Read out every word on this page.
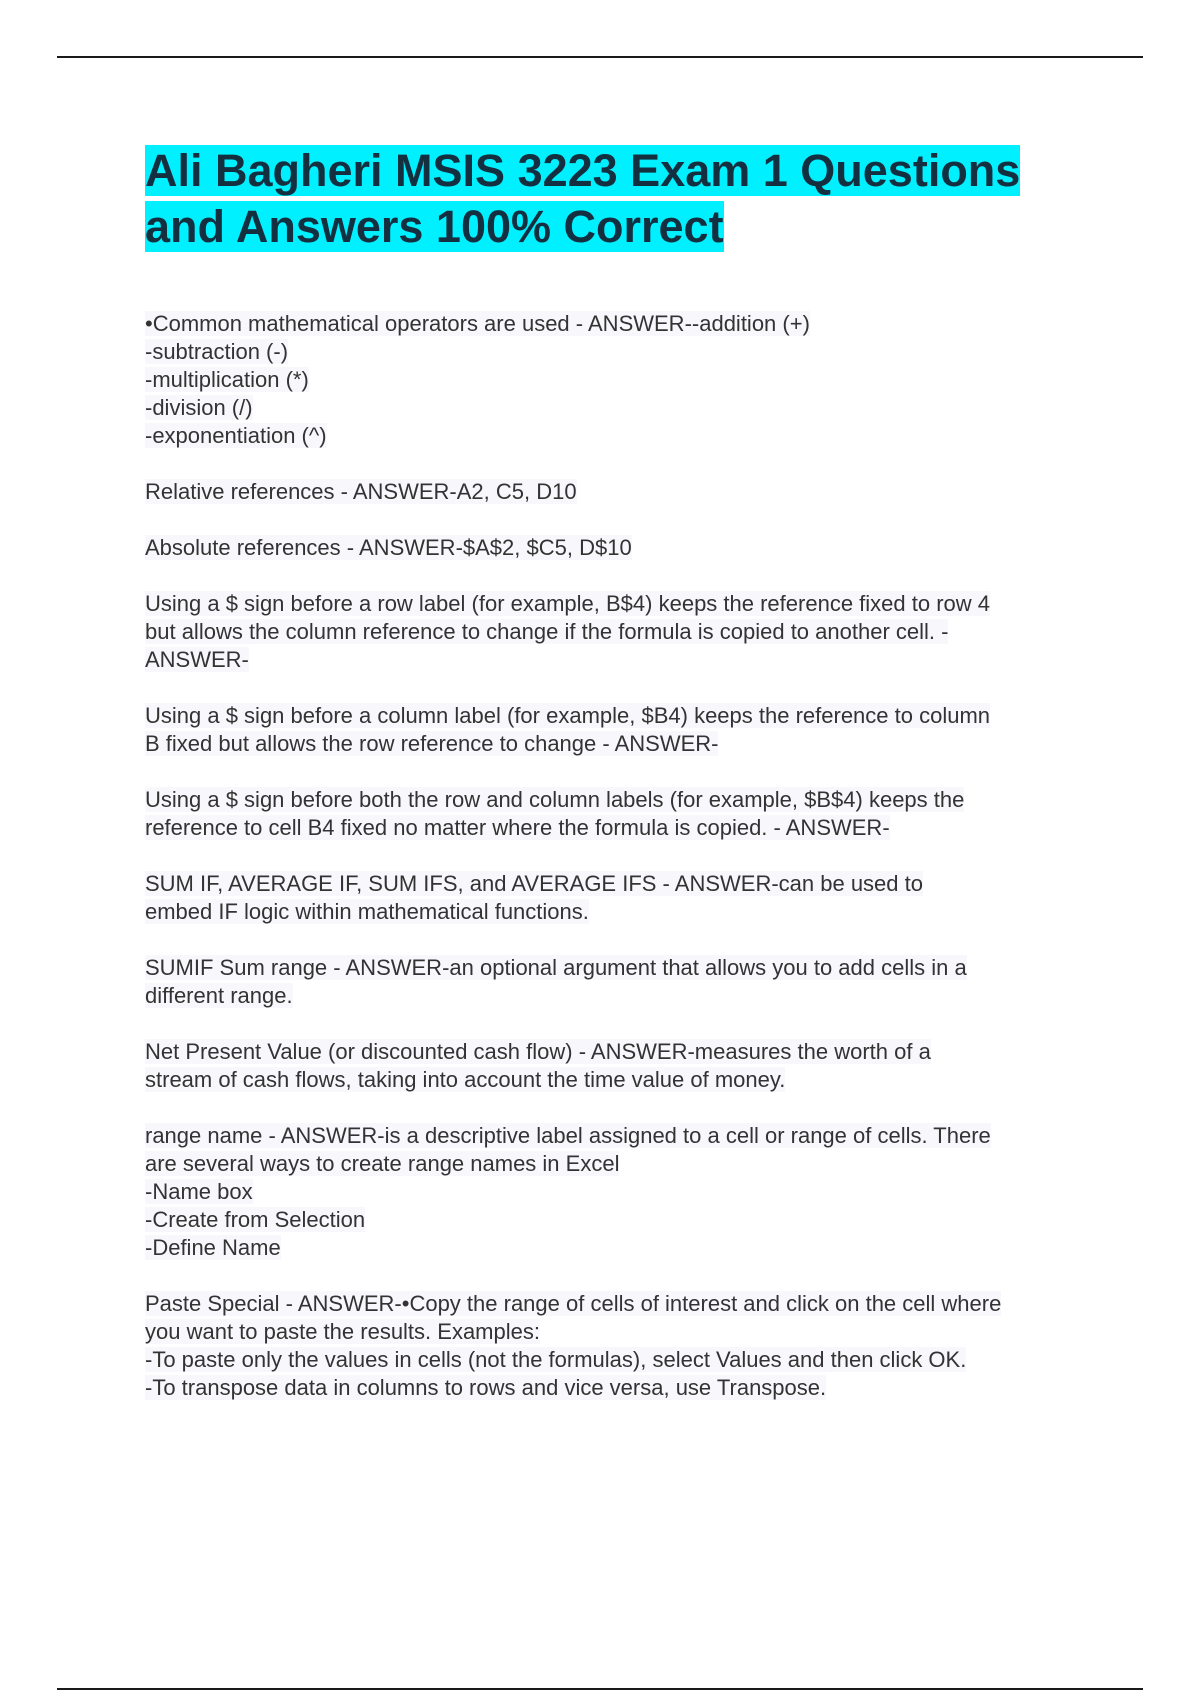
Ali Bagheri MSIS 3223 Exam 1 Questions and Answers 100% Correct

•Common mathematical operators are used - ANSWER--addition (+)
-subtraction (-)
-multiplication (*)
-division (/)
-exponentiation (^)

Relative references - ANSWER-A2, C5, D10

Absolute references - ANSWER-$A$2, $C5, D$10

Using a $ sign before a row label (for example, B$4) keeps the reference fixed to row 4
but allows the column reference to change if the formula is copied to another cell. -
ANSWER-

Using a $ sign before a column label (for example, $B4) keeps the reference to column
B fixed but allows the row reference to change - ANSWER-

Using a $ sign before both the row and column labels (for example, $B$4) keeps the
reference to cell B4 fixed no matter where the formula is copied. - ANSWER-

SUM IF, AVERAGE IF, SUM IFS, and AVERAGE IFS - ANSWER-can be used to
embed IF logic within mathematical functions.

SUMIF Sum range - ANSWER-an optional argument that allows you to add cells in a
different range.

Net Present Value (or discounted cash flow) - ANSWER-measures the worth of a
stream of cash flows, taking into account the time value of money.

range name - ANSWER-is a descriptive label assigned to a cell or range of cells. There
are several ways to create range names in Excel
-Name box
-Create from Selection
-Define Name

Paste Special - ANSWER-•Copy the range of cells of interest and click on the cell where
you want to paste the results. Examples:
-To paste only the values in cells (not the formulas), select Values and then click OK.
-To transpose data in columns to rows and vice versa, use Transpose.
